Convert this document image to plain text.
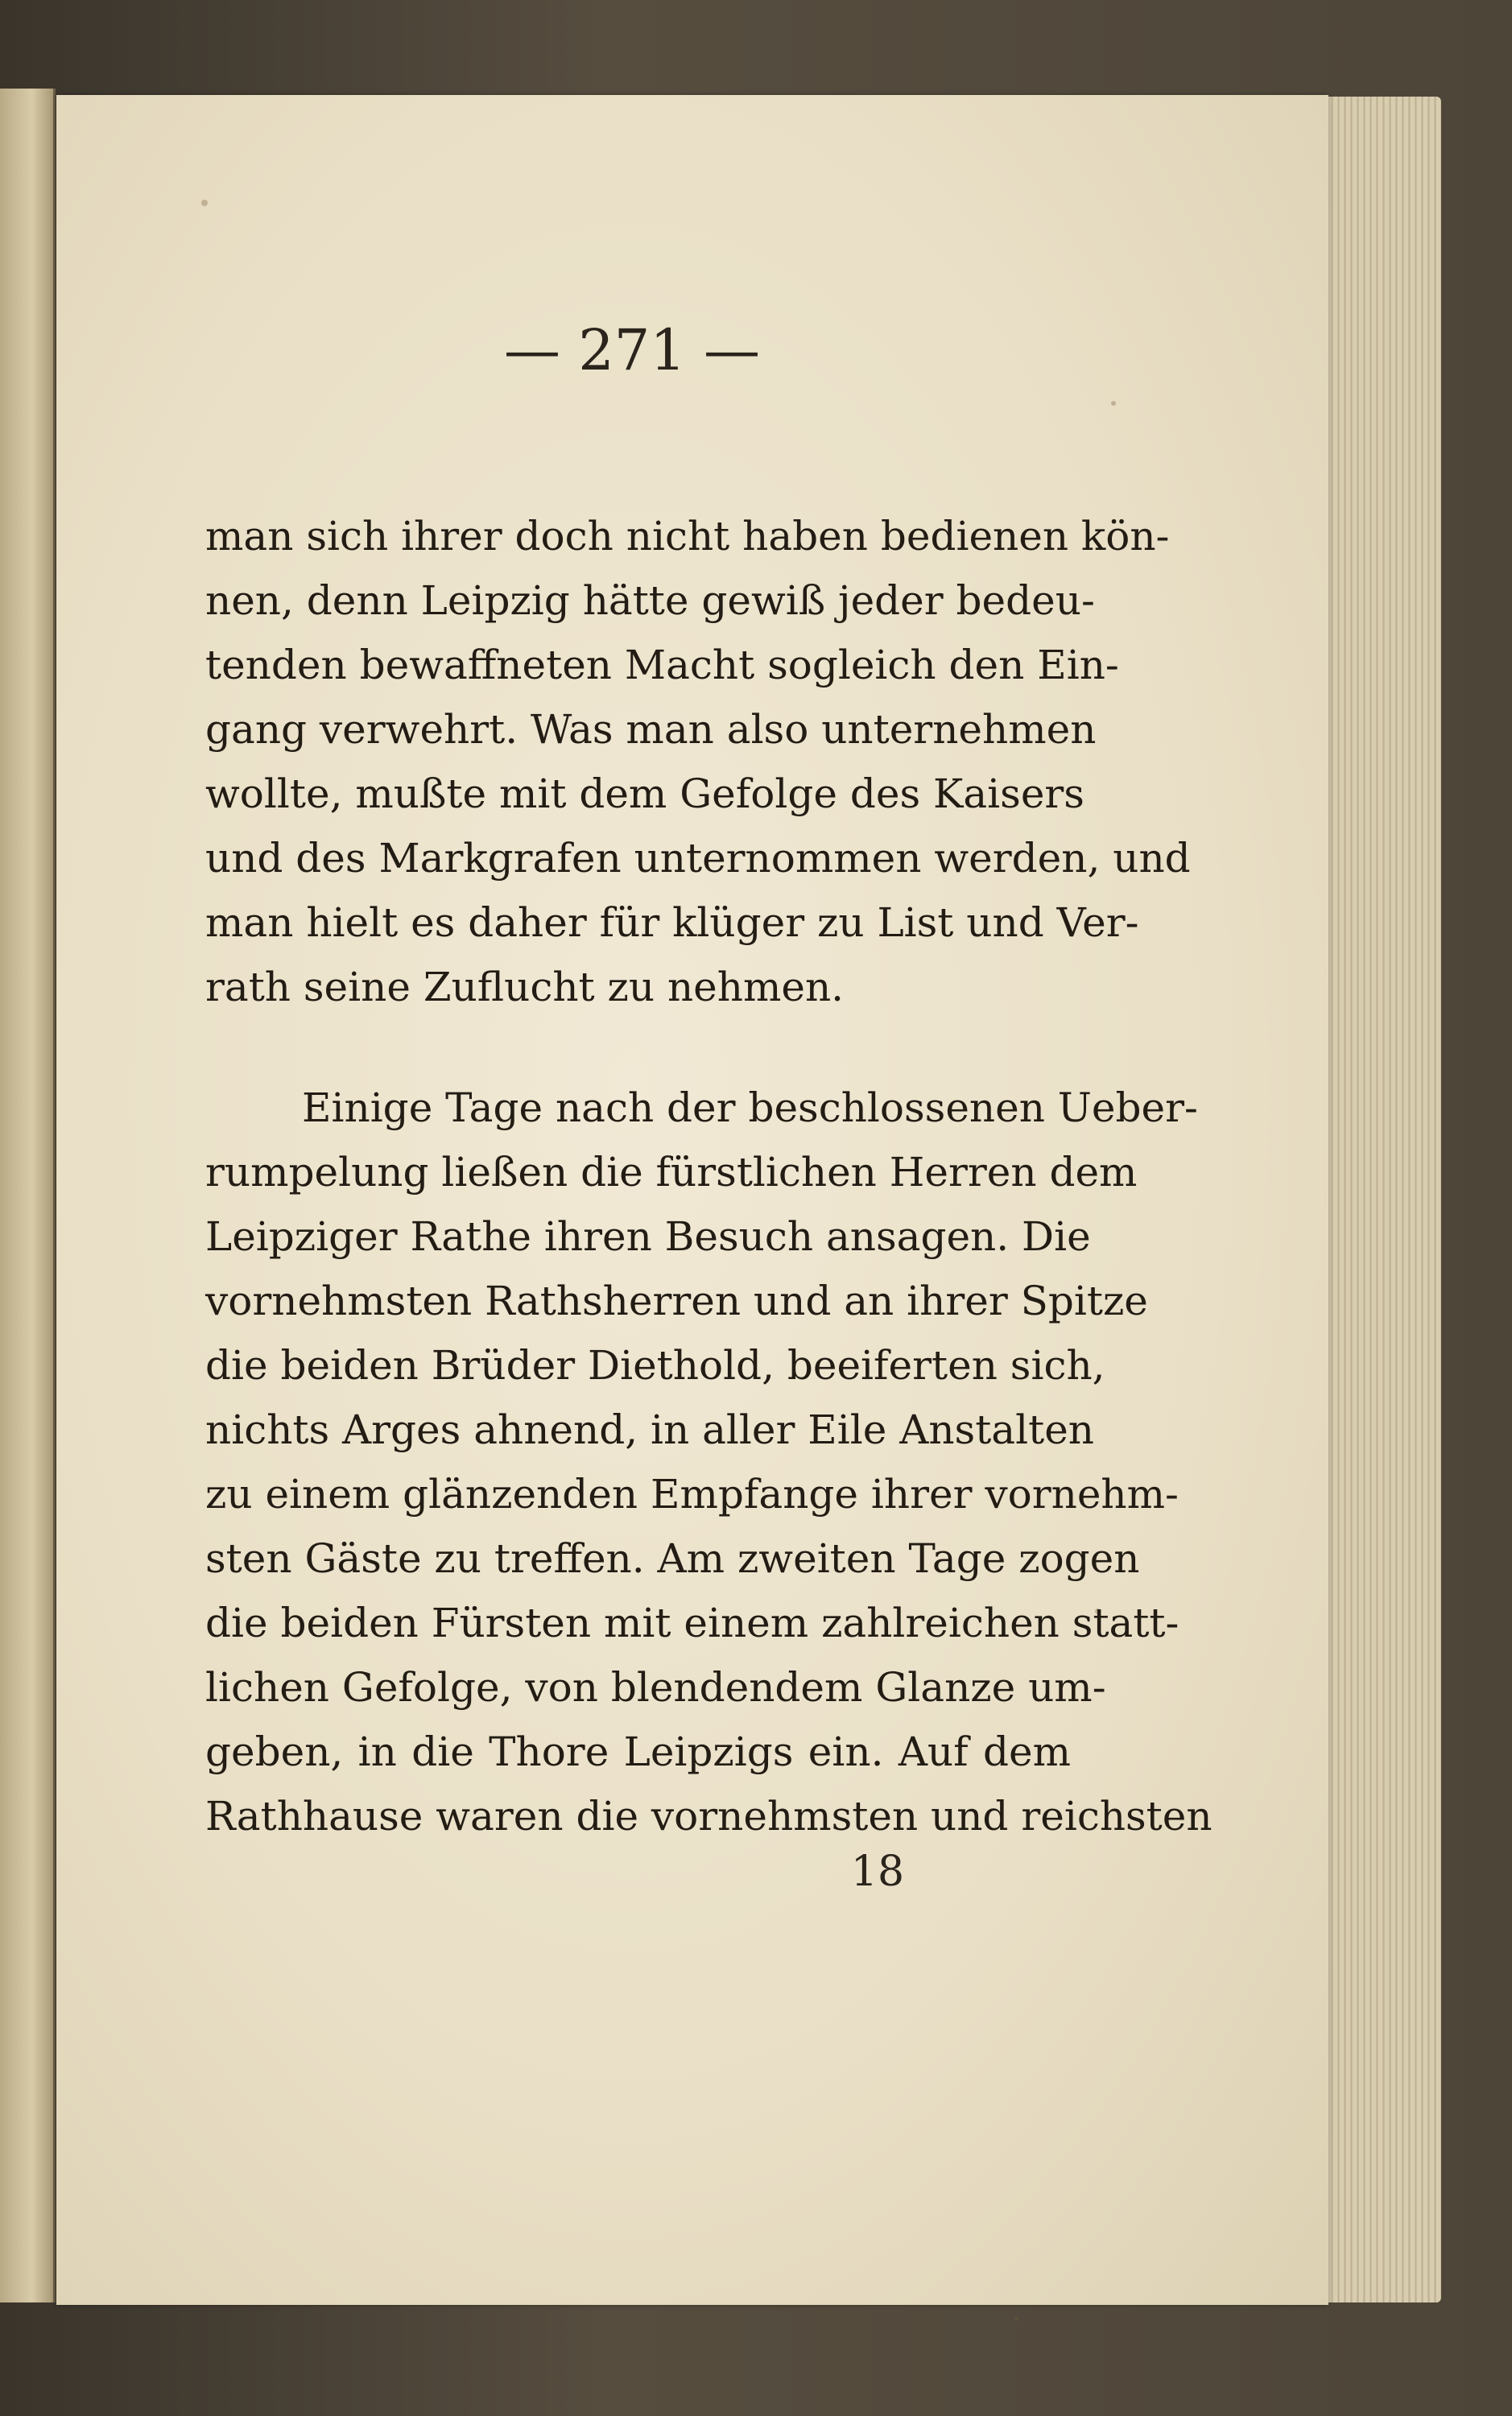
— 271 —
man sich ihrer doch nicht haben bedienen kön-
nen, denn Leipzig hätte gewiß jeder bedeu-
tenden bewaffneten Macht sogleich den Ein-
gang verwehrt. Was man also unternehmen
wollte, mußte mit dem Gefolge des Kaisers
und des Markgrafen unternommen werden, und
man hielt es daher für klüger zu List und Ver-
rath seine Zuflucht zu nehmen.
Einige Tage nach der beschlossenen Ueber-
rumpelung ließen die fürstlichen Herren dem
Leipziger Rathe ihren Besuch ansagen. Die
vornehmsten Rathsherren und an ihrer Spitze
die beiden Brüder Diethold, beeiferten sich,
nichts Arges ahnend, in aller Eile Anstalten
zu einem glänzenden Empfange ihrer vornehm-
sten Gäste zu treffen. Am zweiten Tage zogen
die beiden Fürsten mit einem zahlreichen statt-
lichen Gefolge, von blendendem Glanze um-
geben, in die Thore Leipzigs ein. Auf dem
Rathhause waren die vornehmsten und reichsten
18
